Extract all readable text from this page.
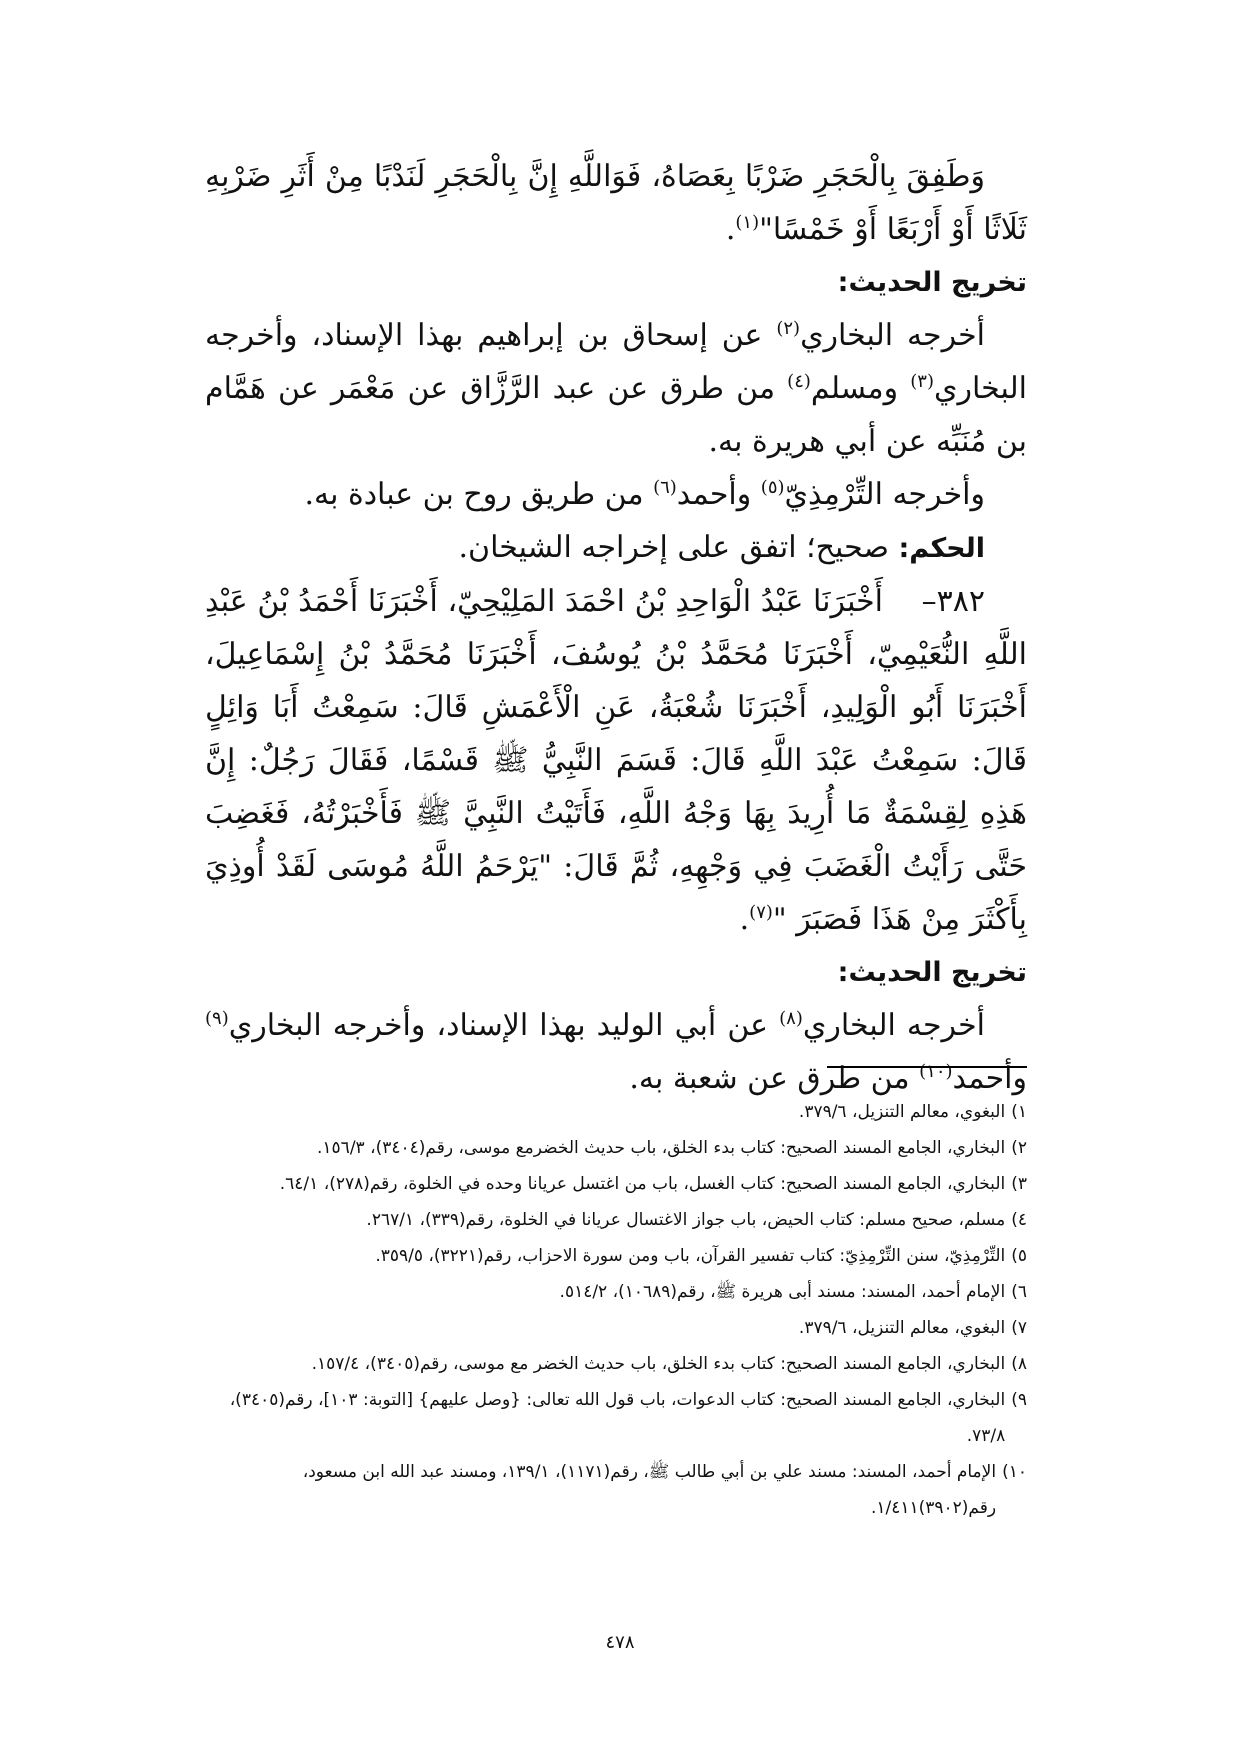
وَطَفِقَ بِالْحَجَرِ ضَرْبًا بِعَصَاهُ، فَوَاللَّهِ إِنَّ بِالْحَجَرِ لَنَدْبًا مِنْ أَثَرِ ضَرْبِهِ ثَلَاثًا أَوْ أَرْبَعًا أَوْ خَمْسًا"$^{(١)}$.

تخريج الحديث:

أخرجه البخاري$^{(٢)}$ عن إسحاق بن إبراهيم بهذا الإسناد، وأخرجه البخاري$^{(٣)}$ ومسلم$^{(٤)}$ من طرق عن عبد الرَّزَّاق عن مَعْمَر عن هَمَّام بن مُنَبِّه عن أبي هريرة به.

وأخرجه التِّرْمِذِيّ$^{(٥)}$ وأحمد$^{(٦)}$ من طريق روح بن عبادة به.

الحكم: صحيح؛ اتفق على إخراجه الشيخان.

٣٨٢–    أَخْبَرَنَا عَبْدُ الْوَاحِدِ بْنُ احْمَدَ المَلِيْحِيّ، أَخْبَرَنَا أَحْمَدُ بْنُ عَبْدِ اللَّهِ النُّعَيْمِيّ، أَخْبَرَنَا مُحَمَّدُ بْنُ يُوسُفَ، أَخْبَرَنَا مُحَمَّدُ بْنُ إِسْمَاعِيلَ، أَخْبَرَنَا أَبُو الْوَلِيدِ، أَخْبَرَنَا شُعْبَةُ، عَنِ الْأَعْمَشِ قَالَ: سَمِعْتُ أَبَا وَائِلٍ قَالَ: سَمِعْتُ عَبْدَ اللَّهِ قَالَ: قَسَمَ النَّبِيُّ ﷺ قَسْمًا، فَقَالَ رَجُلٌ: إِنَّ هَذِهِ لِقِسْمَةٌ مَا أُرِيدَ بِهَا وَجْهُ اللَّهِ، فَأَتَيْتُ النَّبِيَّ ﷺ فَأَخْبَرْتُهُ، فَغَضِبَ حَتَّى رَأَيْتُ الْغَضَبَ فِي وَجْهِهِ، ثُمَّ قَالَ: "يَرْحَمُ اللَّهُ مُوسَى لَقَدْ أُوذِيَ بِأَكْثَرَ مِنْ هَذَا فَصَبَرَ "$^{(٧)}$.

تخريج الحديث:

أخرجه البخاري$^{(٨)}$ عن أبي الوليد بهذا الإسناد، وأخرجه البخاري$^{(٩)}$ وأحمد$^{(١٠)}$ من طرق عن شعبة به.

١)
البغوي، معالم التنزيل، ٣٧٩/٦.
٢)
البخاري، الجامع المسند الصحيح: كتاب بدء الخلق، باب حديث الخضرمع موسى، رقم(٣٤٠٤)، ١٥٦/٣.
٣)
البخاري، الجامع المسند الصحيح: كتاب الغسل، باب من اغتسل عريانا وحده في الخلوة، رقم(٢٧٨)، ٦٤/١.
٤)
مسلم، صحيح مسلم: كتاب الحيض، باب جواز الاغتسال عريانا في الخلوة، رقم(٣٣٩)، ٢٦٧/١.
٥)
التِّرْمِذِيّ، سنن التِّرْمِذِيّ: كتاب تفسير القرآن، باب ومن سورة الاحزاب، رقم(٣٢٢١)، ٣٥٩/٥.
٦)
الإمام أحمد، المسند: مسند أبى هريرة ﷺ، رقم(١٠٦٨٩)، ٥١٤/٢.
٧)
البغوي، معالم التنزيل، ٣٧٩/٦.
٨)
البخاري، الجامع المسند الصحيح: كتاب بدء الخلق، باب حديث الخضر مع موسى، رقم(٣٤٠٥)، ١٥٧/٤.
٩)
البخاري، الجامع المسند الصحيح: كتاب الدعوات، باب قول الله تعالى: {وصل عليهم} [التوبة: ١٠٣]، رقم(٣٤٠٥)، ٧٣/٨.
١٠)
الإمام أحمد، المسند: مسند علي بن أبي طالب ﷺ، رقم(١١٧١)، ١٣٩/١، ومسند عبد الله ابن مسعود، رقم(٣٩٠٢)١/٤١١.
٤٧٨
